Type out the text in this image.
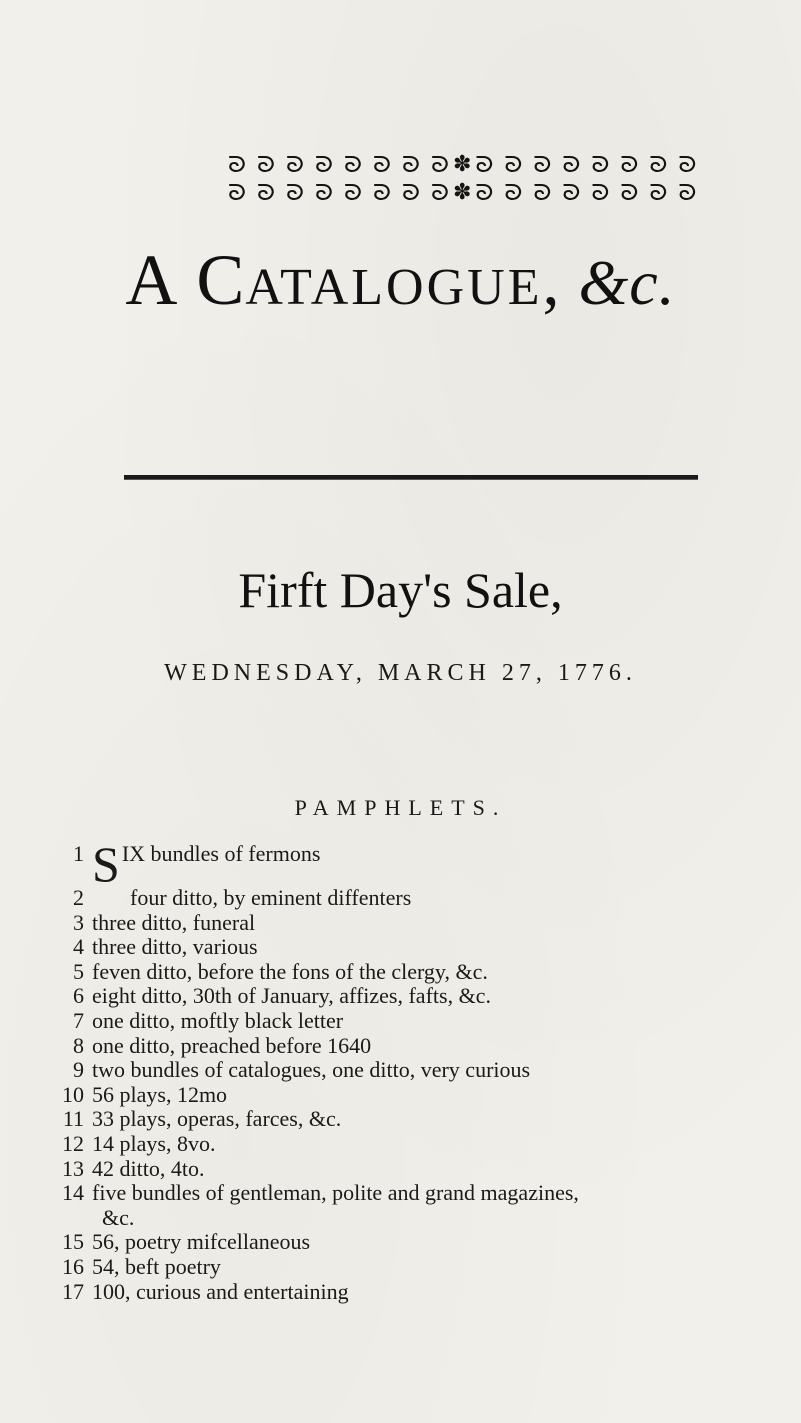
ᘐ ᘐ ᘐ ᘐ ᘐ ᘐ ᘐ ᘐ ✽ ᘐ ᘐ ᘐ ᘐ ᘐ ᘐ ᘐ ᘐ
ᘐ ᘐ ᘐ ᘐ ᘐ ᘐ ᘐ ᘐ ✽ ᘐ ᘐ ᘐ ᘐ ᘐ ᘐ ᘐ ᘐ
A CATALOGUE, &c.
Firft Day's Sale,
WEDNESDAY, MARCH 27, 1776.
PAMPHLETS.
1 SIX bundles of fermons
2	four ditto, by eminent diffenters
3 three ditto, funeral
4 three ditto, various
5 feven ditto, before the fons of the clergy, &c.
6 eight ditto, 30th of January, affizes, fafts, &c.
7 one ditto, moftly black letter
8 one ditto, preached before 1640
9 two bundles of catalogues, one ditto, very curious
10 56 plays, 12mo
11 33 plays, operas, farces, &c.
12 14 plays, 8vo.
13 42 ditto, 4to.
14 five bundles of gentleman, polite and grand magazines,
&c.
15 56, poetry mifcellaneous
16 54, beft poetry
17 100, curious and entertaining
